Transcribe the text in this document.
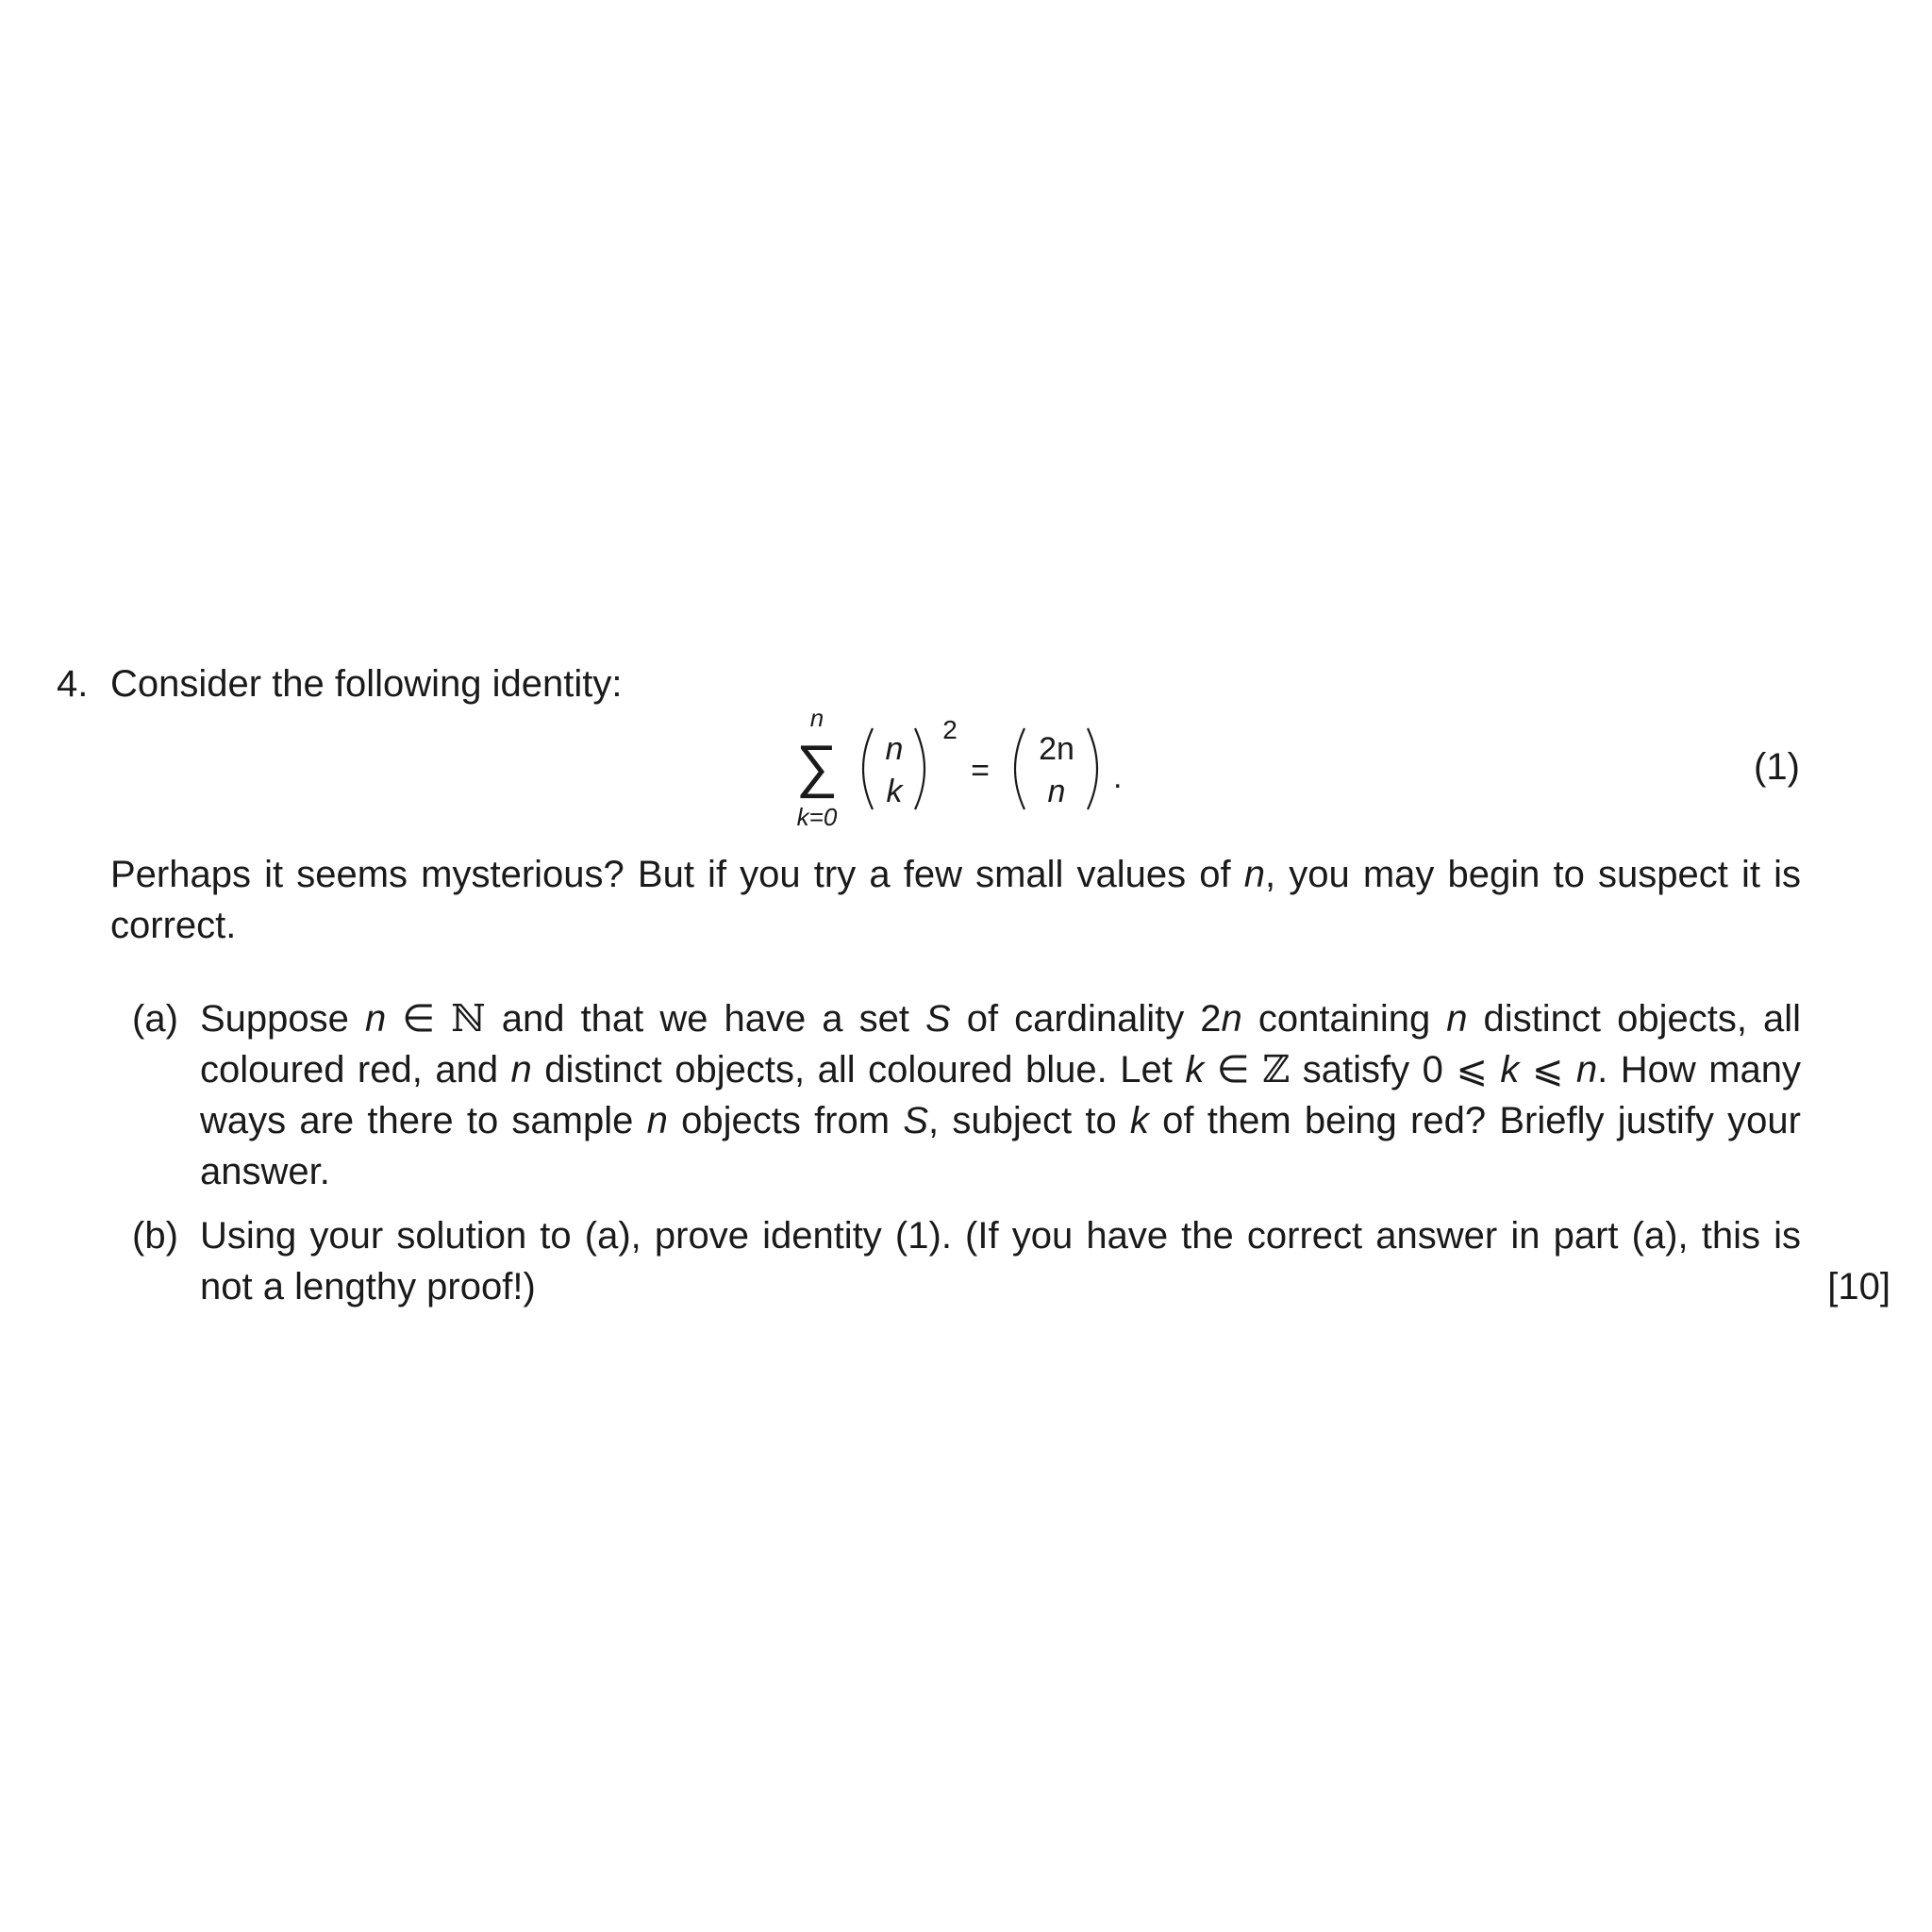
4. Consider the following identity:
n
∑
k=0
n
k
2
=
2n
n .	(1)
Perhaps it seems mysterious? But if you try a few small values of n, you may begin to suspect it is correct.
(a) Suppose n ∈ ℕ and that we have a set S of cardinality 2n containing n distinct objects, all coloured red, and n distinct objects, all coloured blue. Let k ∈ ℤ satisfy 0 ⩽ k ⩽ n. How many ways are there to sample n objects from S, subject to k of them being red? Briefly justify your answer.
(b) Using your solution to (a), prove identity (1). (If you have the correct answer in part (a), this is not a lengthy proof!)	[10]
